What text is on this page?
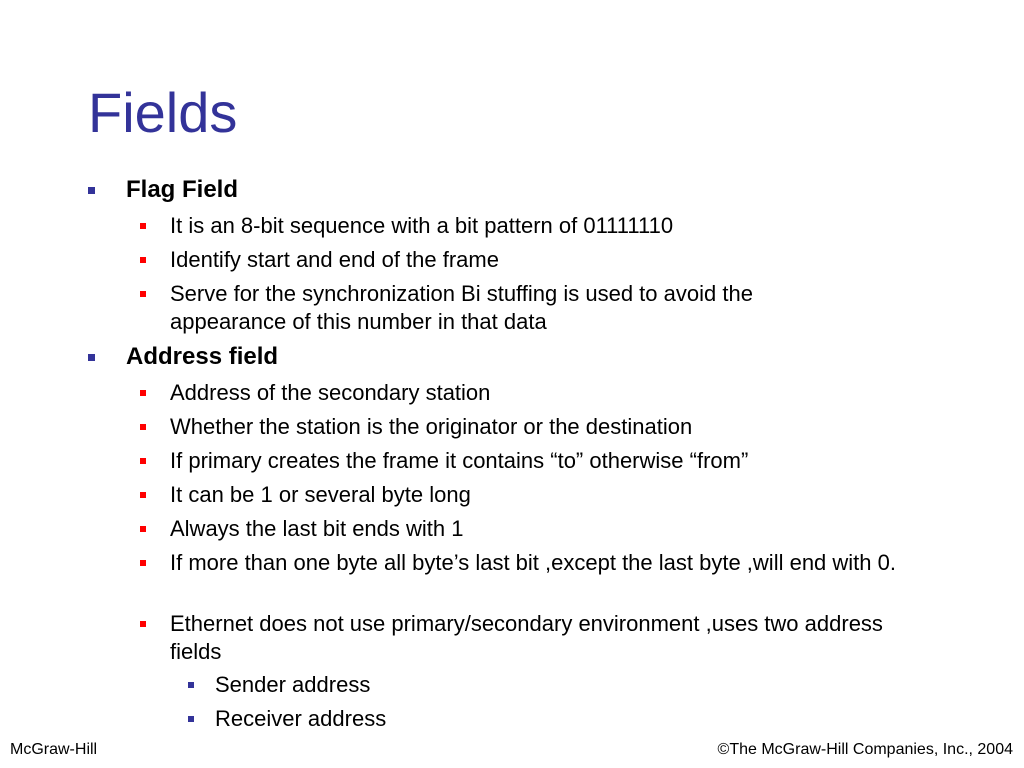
Fields
Flag Field
It is an 8-bit sequence with a bit pattern of 01111110
Identify start and end of the frame
Serve for the synchronization Bi stuffing is used to avoid the appearance of this number in that data
Address field
Address of the secondary station
Whether the station is the originator or the destination
If primary creates the frame it contains “to” otherwise “from”
It can be 1 or several byte long
Always the last bit ends with 1
If more than one byte all byte’s last bit ,except the last byte ,will end with 0.
Ethernet does not use primary/secondary environment ,uses two address fields
Sender address
Receiver address
McGraw-Hill	©The McGraw-Hill Companies, Inc., 2004
